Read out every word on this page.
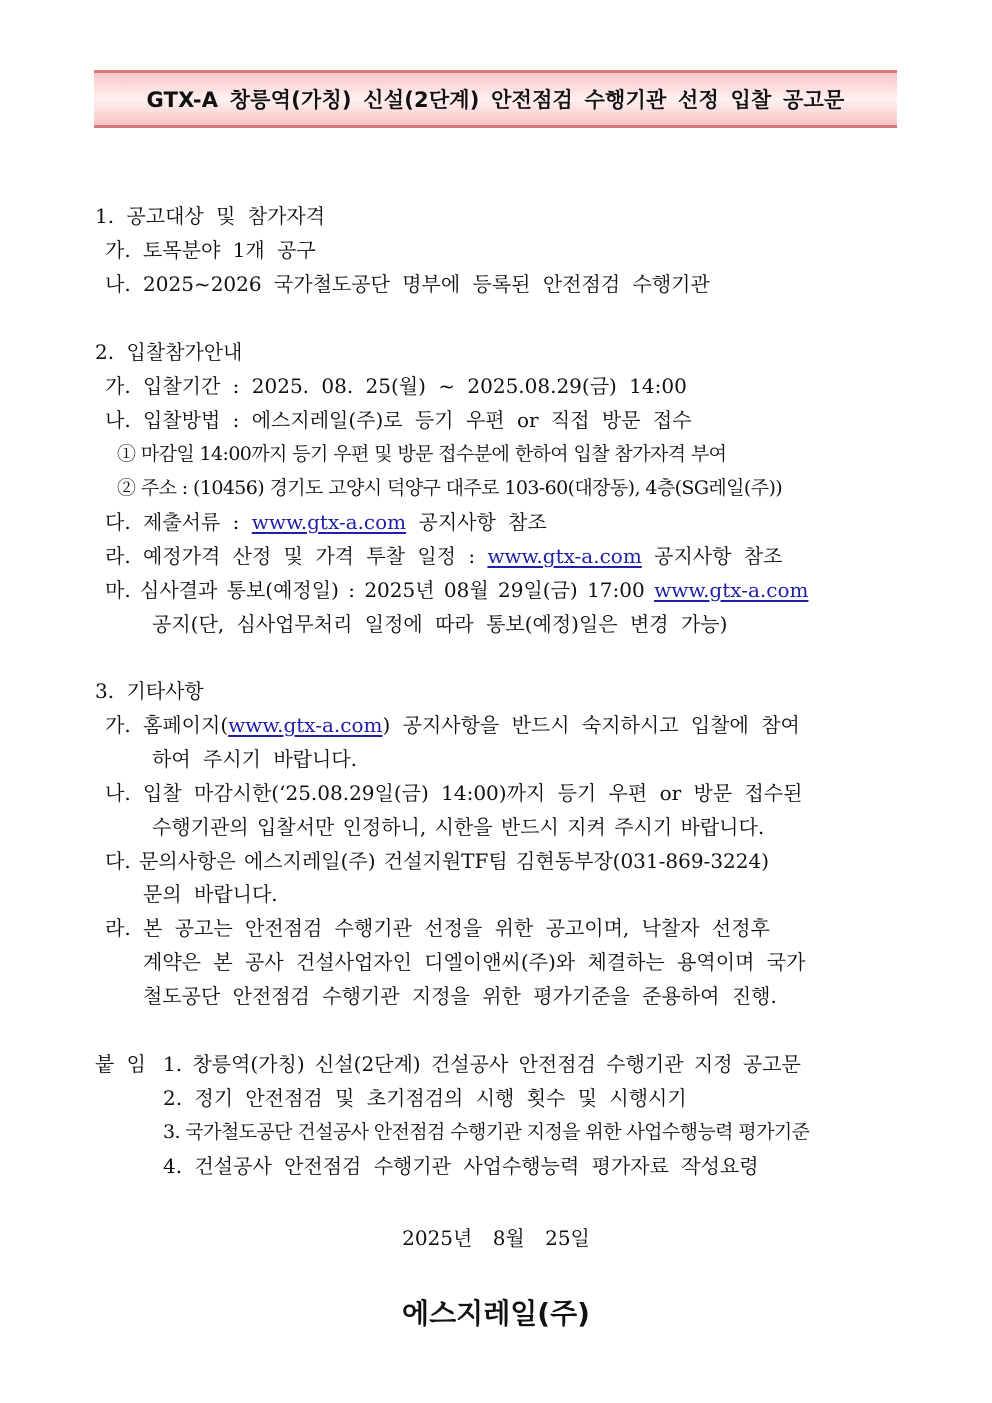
GTX-A 창릉역(가칭) 신설(2단계) 안전점검 수행기관 선정 입찰 공고문
1. 공고대상 및 참가자격
가. 토목분야 1개 공구
나. 2025~2026 국가철도공단 명부에 등록된 안전점검 수행기관
2. 입찰참가안내
가. 입찰기간 : 2025. 08. 25(월) ~ 2025.08.29(금) 14:00
나. 입찰방법 : 에스지레일(주)로 등기 우편 or 직접 방문 접수
① 마감일 14:00까지 등기 우편 및 방문 접수분에 한하여 입찰 참가자격 부여
② 주소 : (10456) 경기도 고양시 덕양구 대주로 103-60(대장동), 4층(SG레일(주))
다. 제출서류 : www.gtx-a.com 공지사항 참조
라. 예정가격 산정 및 가격 투찰 일정 : www.gtx-a.com 공지사항 참조
마. 심사결과 통보(예정일) : 2025년 08월 29일(금) 17:00 www.gtx-a.com
공지(단, 심사업무처리 일정에 따라 통보(예정)일은 변경 가능)
3. 기타사항
가. 홈페이지(www.gtx-a.com) 공지사항을 반드시 숙지하시고 입찰에 참여
하여 주시기 바랍니다.
나. 입찰 마감시한(‘25.08.29일(금) 14:00)까지 등기 우편 or 방문 접수된
수행기관의 입찰서만 인정하니, 시한을 반드시 지켜 주시기 바랍니다.
다. 문의사항은 에스지레일(주) 건설지원TF팀 김현동부장(031-869-3224)
문의 바랍니다.
라. 본 공고는 안전점검 수행기관 선정을 위한 공고이며, 낙찰자 선정후
계약은 본 공사 건설사업자인 디엘이앤씨(주)와 체결하는 용역이며 국가
철도공단 안전점검 수행기관 지정을 위한 평가기준을 준용하여 진행.
붙 임 1. 창릉역(가칭) 신설(2단계) 건설공사 안전점검 수행기관 지정 공고문
2. 정기 안전점검 및 초기점검의 시행 횟수 및 시행시기
3. 국가철도공단 건설공사 안전점검 수행기관 지정을 위한 사업수행능력 평가기준
4. 건설공사 안전점검 수행기관 사업수행능력 평가자료 작성요령
2025년 8월 25일
에스지레일(주)
